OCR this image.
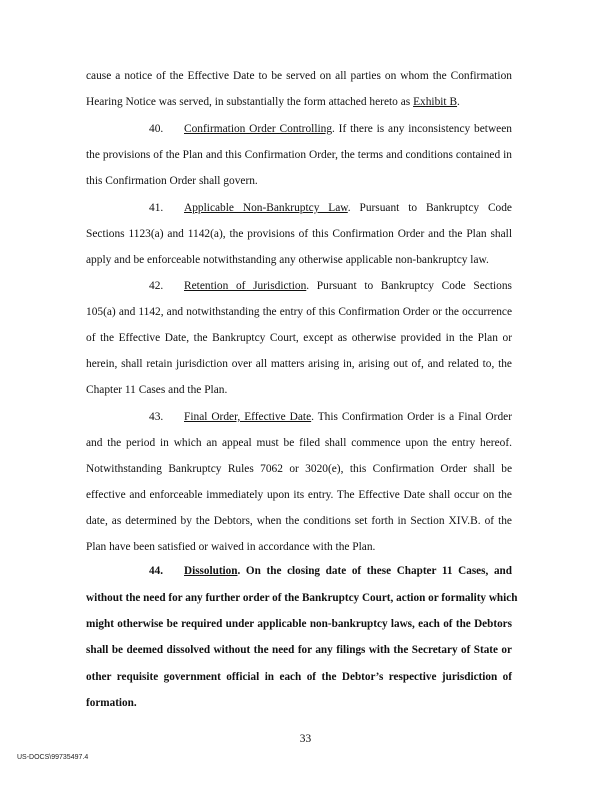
cause a notice of the Effective Date to be served on all parties on whom the Confirmation
Hearing Notice was served, in substantially the form attached hereto as Exhibit B.
40. Confirmation Order Controlling. If there is any inconsistency between
the provisions of the Plan and this Confirmation Order, the terms and conditions contained in
this Confirmation Order shall govern.
41. Applicable Non-Bankruptcy Law. Pursuant to Bankruptcy Code
Sections 1123(a) and 1142(a), the provisions of this Confirmation Order and the Plan shall
apply and be enforceable notwithstanding any otherwise applicable non-bankruptcy law.
42. Retention of Jurisdiction. Pursuant to Bankruptcy Code Sections
105(a) and 1142, and notwithstanding the entry of this Confirmation Order or the occurrence
of the Effective Date, the Bankruptcy Court, except as otherwise provided in the Plan or
herein, shall retain jurisdiction over all matters arising in, arising out of, and related to, the
Chapter 11 Cases and the Plan.
43. Final Order, Effective Date. This Confirmation Order is a Final Order
and the period in which an appeal must be filed shall commence upon the entry hereof.
Notwithstanding Bankruptcy Rules 7062 or 3020(e), this Confirmation Order shall be
effective and enforceable immediately upon its entry. The Effective Date shall occur on the
date, as determined by the Debtors, when the conditions set forth in Section XIV.B. of the
Plan have been satisfied or waived in accordance with the Plan.
44. Dissolution. On the closing date of these Chapter 11 Cases, and
without the need for any further order of the Bankruptcy Court, action or formality which
might otherwise be required under applicable non-bankruptcy laws, each of the Debtors
shall be deemed dissolved without the need for any filings with the Secretary of State or
other requisite government official in each of the Debtor’s respective jurisdiction of
formation.
33
US-DOCS\99735497.4
